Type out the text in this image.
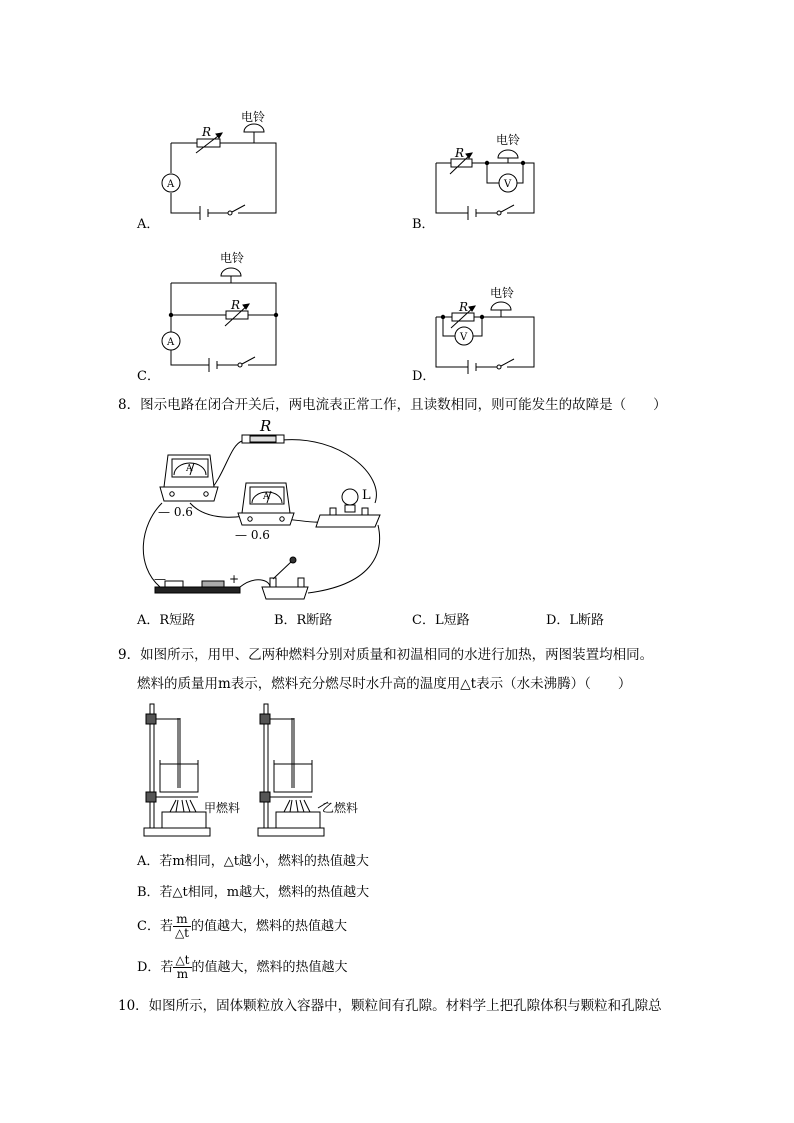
电铃
R
A
电铃
R
V
电铃
R
A
电铃
R
V
A．	B．
C．	D．
8．图示电路在闭合开关后，两电流表正常工作，且读数相同，则可能发生的故障是（　　）
R
L
A
A
— 0.6
— 0.6
—	+
A．R短路	B．R断路	C．L短路	D．L断路
9．如图所示，用甲、乙两种燃料分别对质量和初温相同的水进行加热，两图装置均相同。
燃料的质量用m表示，燃料充分燃尽时水升高的温度用△t表示（水未沸腾）（　　）
甲燃料	乙燃料
A．若m相同，△t越小，燃料的热值越大
B．若△t相同，m越大，燃料的热值越大
C．若 $\frac{m}{\triangle t}$ 的值越大，燃料的热值越大
D．若 $\frac{\triangle t}{m}$ 的值越大，燃料的热值越大
10．如图所示，固体颗粒放入容器中，颗粒间有孔隙。材料学上把孔隙体积与颗粒和孔隙总
